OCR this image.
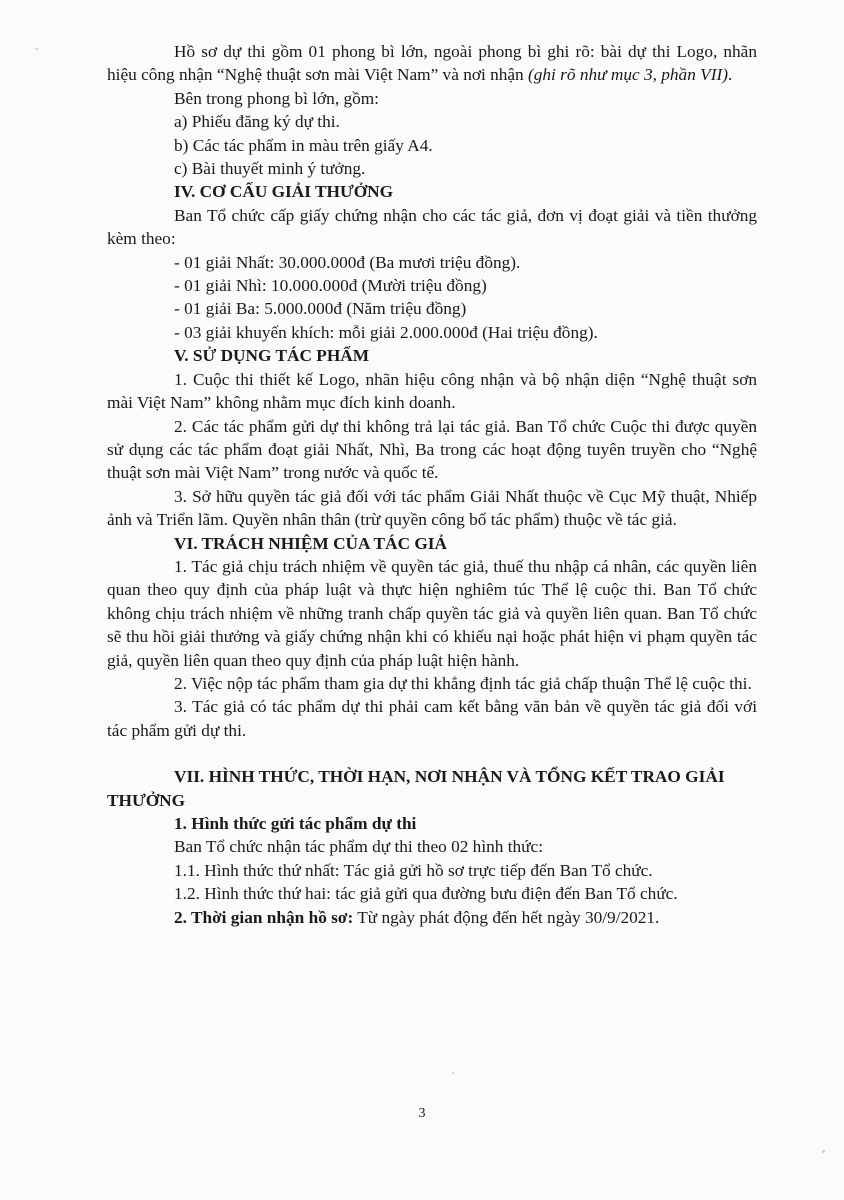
Hồ sơ dự thi gồm 01 phong bì lớn, ngoài phong bì ghi rõ: bài dự thi Logo, nhãn hiệu công nhận “Nghệ thuật sơn mài Việt Nam” và nơi nhận (ghi rõ như mục 3, phần VII).

Bên trong phong bì lớn, gồm:

a) Phiếu đăng ký dự thi.

b) Các tác phẩm in màu trên giấy A4.

c) Bài thuyết minh ý tưởng.

IV. CƠ CẤU GIẢI THƯỞNG

Ban Tổ chức cấp giấy chứng nhận cho các tác giả, đơn vị đoạt giải và tiền thưởng kèm theo:

- 01 giải Nhất: 30.000.000đ (Ba mươi triệu đồng).

- 01 giải Nhì: 10.000.000đ (Mười triệu đồng)

- 01 giải Ba: 5.000.000đ (Năm triệu đồng)

- 03 giải khuyến khích: mỗi giải 2.000.000đ (Hai triệu đồng).

V. SỬ DỤNG TÁC PHẨM

1. Cuộc thi thiết kế Logo, nhãn hiệu công nhận và bộ nhận diện “Nghệ thuật sơn mài Việt Nam” không nhằm mục đích kinh doanh.

2. Các tác phẩm gửi dự thi không trả lại tác giả. Ban Tổ chức Cuộc thi được quyền sử dụng các tác phẩm đoạt giải Nhất, Nhì, Ba trong các hoạt động tuyên truyền cho “Nghệ thuật sơn mài Việt Nam” trong nước và quốc tế.

3. Sở hữu quyền tác giả đối với tác phẩm Giải Nhất thuộc về Cục Mỹ thuật, Nhiếp ảnh và Triển lãm. Quyền nhân thân (trừ quyền công bố tác phẩm) thuộc về tác giả.

VI. TRÁCH NHIỆM CỦA TÁC GIẢ

1. Tác giả chịu trách nhiệm về quyền tác giả, thuế thu nhập cá nhân, các quyền liên quan theo quy định của pháp luật và thực hiện nghiêm túc Thể lệ cuộc thi. Ban Tổ chức không chịu trách nhiệm về những tranh chấp quyền tác giả và quyền liên quan. Ban Tổ chức sẽ thu hồi giải thưởng và giấy chứng nhận khi có khiếu nại hoặc phát hiện vi phạm quyền tác giả, quyền liên quan theo quy định của pháp luật hiện hành.

2. Việc nộp tác phẩm tham gia dự thi khẳng định tác giả chấp thuận Thể lệ cuộc thi.

3. Tác giả có tác phẩm dự thi phải cam kết bằng văn bản về quyền tác giả đối với tác phẩm gửi dự thi.

VII. HÌNH THỨC, THỜI HẠN, NƠI NHẬN VÀ TỔNG KẾT TRAO GIẢI THƯỞNG

1. Hình thức gửi tác phẩm dự thi

Ban Tổ chức nhận tác phẩm dự thi theo 02 hình thức:

1.1. Hình thức thứ nhất: Tác giả gửi hồ sơ trực tiếp đến Ban Tổ chức.

1.2. Hình thức thứ hai: tác giả gửi qua đường bưu điện đến Ban Tổ chức.

2. Thời gian nhận hồ sơ: Từ ngày phát động đến hết ngày 30/9/2021.

3
